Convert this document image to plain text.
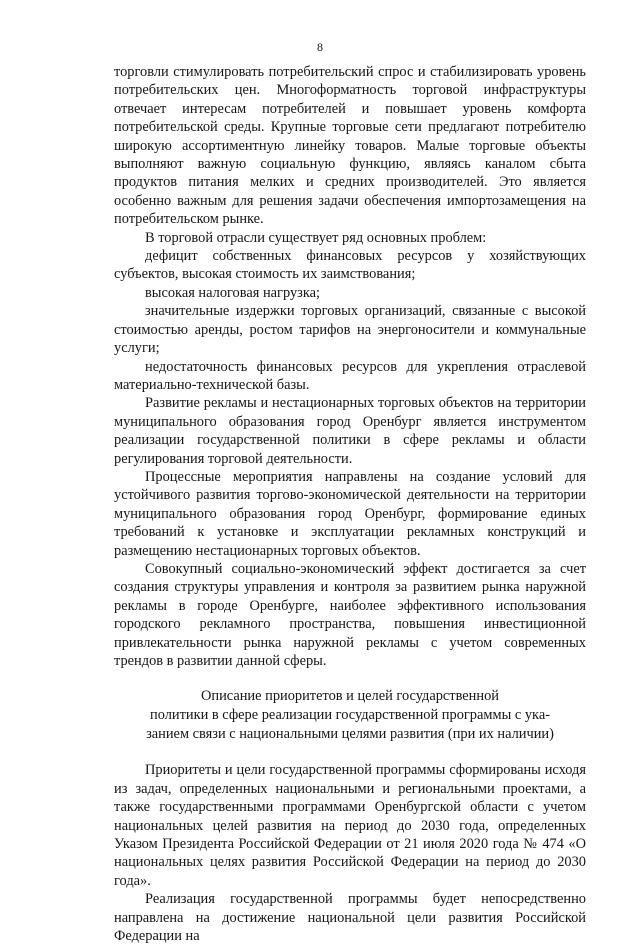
8

торговли стимулировать потребительский спрос и стабилизировать уровень потребительских цен. Многоформатность торговой инфраструктуры отвечает интересам потребителей и повышает уровень комфорта потребительской среды. Крупные торговые сети предлагают потребителю широкую ассортиментную линейку товаров. Малые торговые объекты выполняют важную социальную функцию, являясь каналом сбыта продуктов питания мелких и средних производителей. Это является особенно важным для решения задачи обеспечения импортозамещения на потребительском рынке.

В торговой отрасли существует ряд основных проблем:

дефицит собственных финансовых ресурсов у хозяйствующих субъектов, высокая стоимость их заимствования;

высокая налоговая нагрузка;

значительные издержки торговых организаций, связанные с высокой стоимостью аренды, ростом тарифов на энергоносители и коммунальные услуги;

недостаточность финансовых ресурсов для укрепления отраслевой материально-технической базы.

Развитие рекламы и нестационарных торговых объектов на территории муниципального образования город Оренбург является инструментом реализации государственной политики в сфере рекламы и области регулирования торговой деятельности.

Процессные мероприятия направлены на создание условий для устойчивого развития торгово-экономической деятельности на территории муниципального образования город Оренбург, формирование единых требований к установке и эксплуатации рекламных конструкций и размещению нестационарных торговых объектов.

Совокупный социально-экономический эффект достигается за счет создания структуры управления и контроля за развитием рынка наружной рекламы в городе Оренбурге, наиболее эффективного использования городского рекламного пространства, повышения инвестиционной привлекательности рынка наружной рекламы с учетом современных трендов в развитии данной сферы.

Описание приоритетов и целей государственной
политики в сфере реализации государственной программы с ука-
занием связи с национальными целями развития (при их наличии)

Приоритеты и цели государственной программы сформированы исходя из задач, определенных национальными и региональными проектами, а также государственными программами Оренбургской области с учетом национальных целей развития на период до 2030 года, определенных Указом Президента Российской Федерации от 21 июля 2020 года № 474 «О национальных целях развития Российской Федерации на период до 2030 года».

Реализация государственной программы будет непосредственно направлена на достижение национальной цели развития Российской Федерации на
